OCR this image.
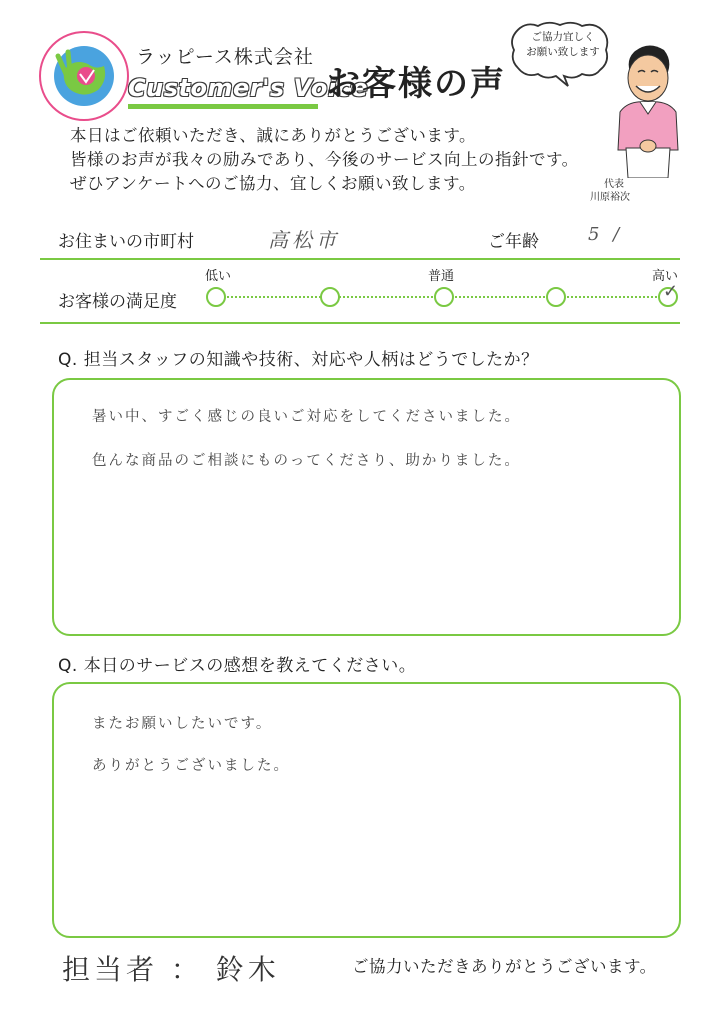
ラッピース株式会社
Customer's Voice
お客様の声
ご協力宜しく
お願い致します
代表
川原裕次
本日はご依頼いただき、誠にありがとうございます。
皆様のお声が我々の励みであり、今後のサービス向上の指針です。
ぜひアンケートへのご協力、宜しくお願い致します。
お住まいの市町村	高松市	ご年齢	5 /
お客様の満足度
低い	普通	高い
✓
Q. 担当スタッフの知識や技術、対応や人柄はどうでしたか？
暑い中、すごく感じの良いご対応をしてくださいました。
色んな商品のご相談にものってくださり、助かりました。
Q. 本日のサービスの感想を教えてください。
またお願いしたいです。
ありがとうございました。
担当者 ： 鈴木	ご協力いただきありがとうございます。
